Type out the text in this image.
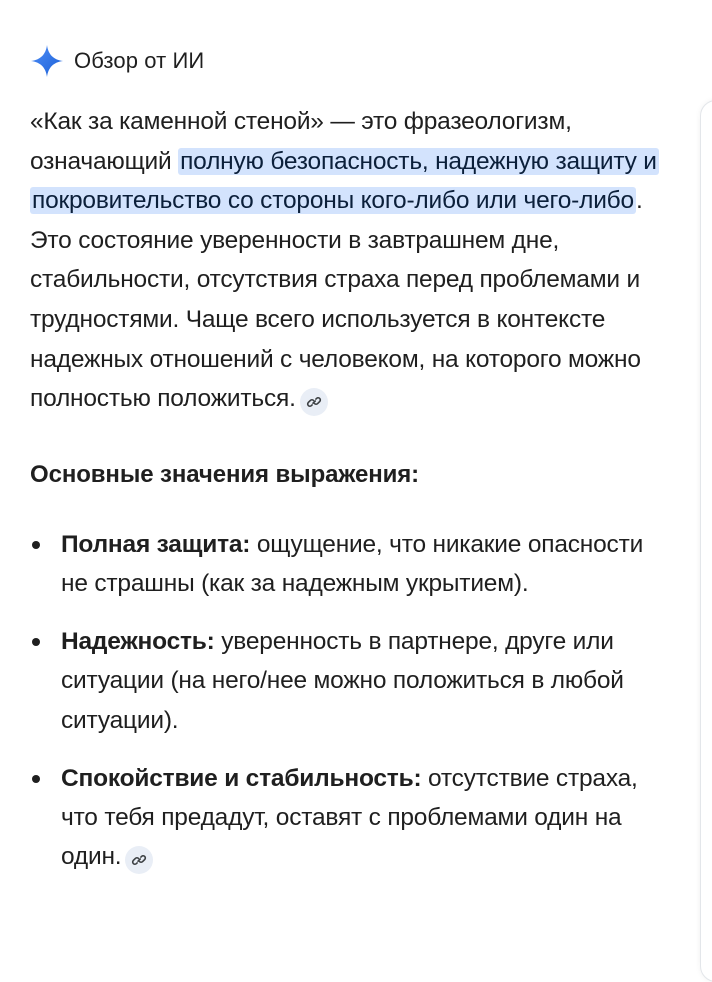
Обзор от ИИ

«Как за каменной стеной» — это фразеологизм, означающий полную безопасность, надежную защиту и покровительство со стороны кого-либо или чего-либо. Это состояние уверенности в завтрашнем дне, стабильности, отсутствия страха перед проблемами и трудностями. Чаще всего используется в контексте надежных отношений с человеком, на которого можно полностью положиться.

Основные значения выражения:
Полная защита: ощущение, что никакие опасности не страшны (как за надежным укрытием).
Надежность: уверенность в партнере, друге или ситуации (на него/нее можно положиться в любой ситуации).
Спокойствие и стабильность: отсутствие страха, что тебя предадут, оставят с проблемами один на один.
